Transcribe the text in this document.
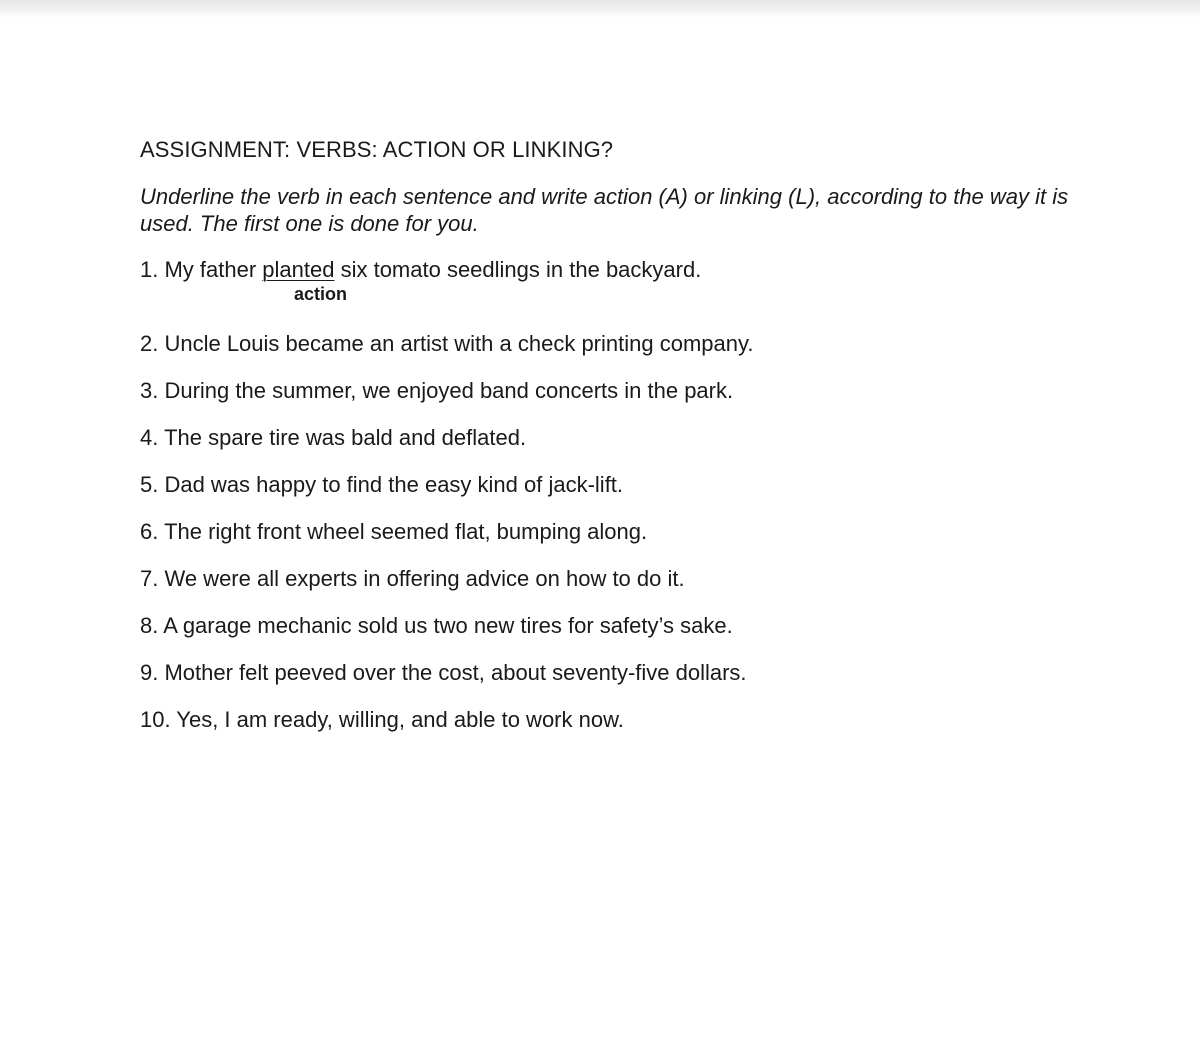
ASSIGNMENT: VERBS: ACTION OR LINKING?

Underline the verb in each sentence and write action (A) or linking (L), according to the way it is used. The first one is done for you.

1. My father planted six tomato seedlings in the backyard.
action
2. Uncle Louis became an artist with a check printing company.
3. During the summer, we enjoyed band concerts in the park.
4. The spare tire was bald and deflated.
5. Dad was happy to find the easy kind of jack-lift.
6. The right front wheel seemed flat, bumping along.
7. We were all experts in offering advice on how to do it.
8. A garage mechanic sold us two new tires for safety’s sake.
9. Mother felt peeved over the cost, about seventy-five dollars.
10. Yes, I am ready, willing, and able to work now.
